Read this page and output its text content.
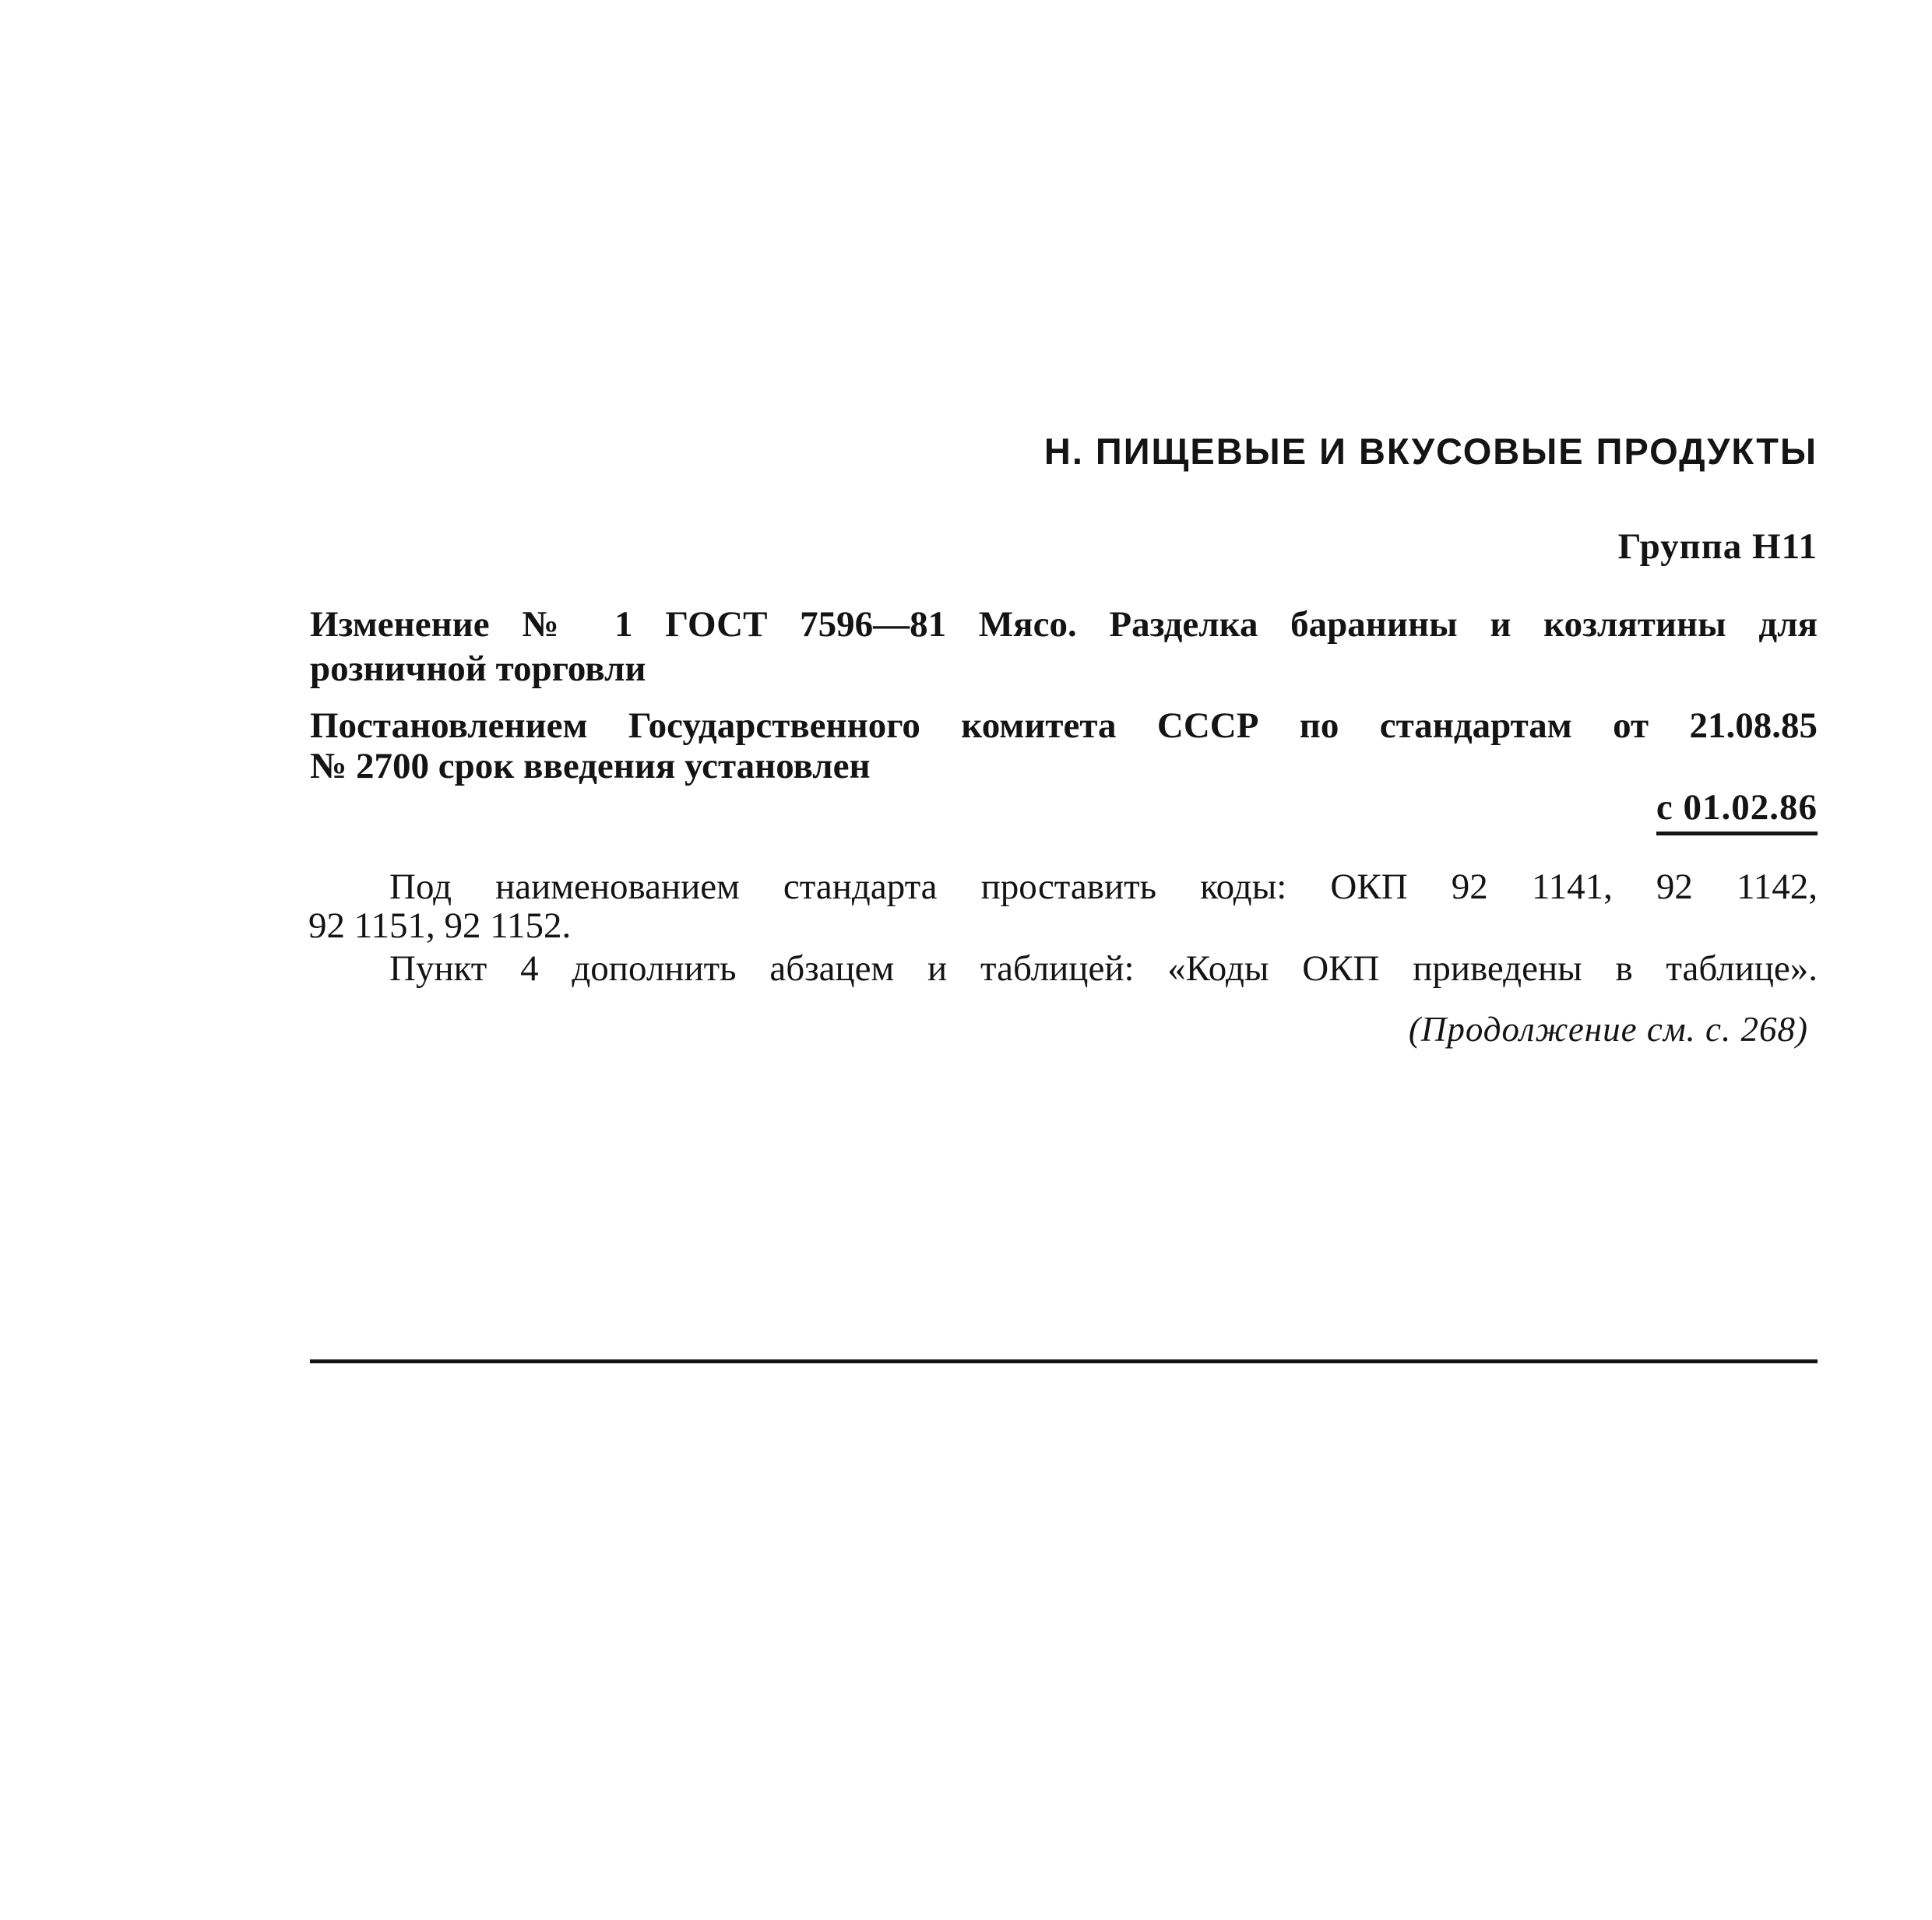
Н. ПИЩЕВЫЕ И ВКУСОВЫЕ ПРОДУКТЫ
Группа Н11
Изменение № 1 ГОСТ 7596—81 Мясо. Разделка баранины и козлятины для
розничной торговли
Постановлением Государственного комитета СССР по стандартам от 21.08.85
№ 2700 срок введения установлен
с 01.02.86
Под наименованием стандарта проставить коды: ОКП 92 1141, 92 1142,
92 1151, 92 1152.
Пункт 4 дополнить абзацем и таблицей: «Коды ОКП приведены в таблице».
(Продолжение см. с. 268)
